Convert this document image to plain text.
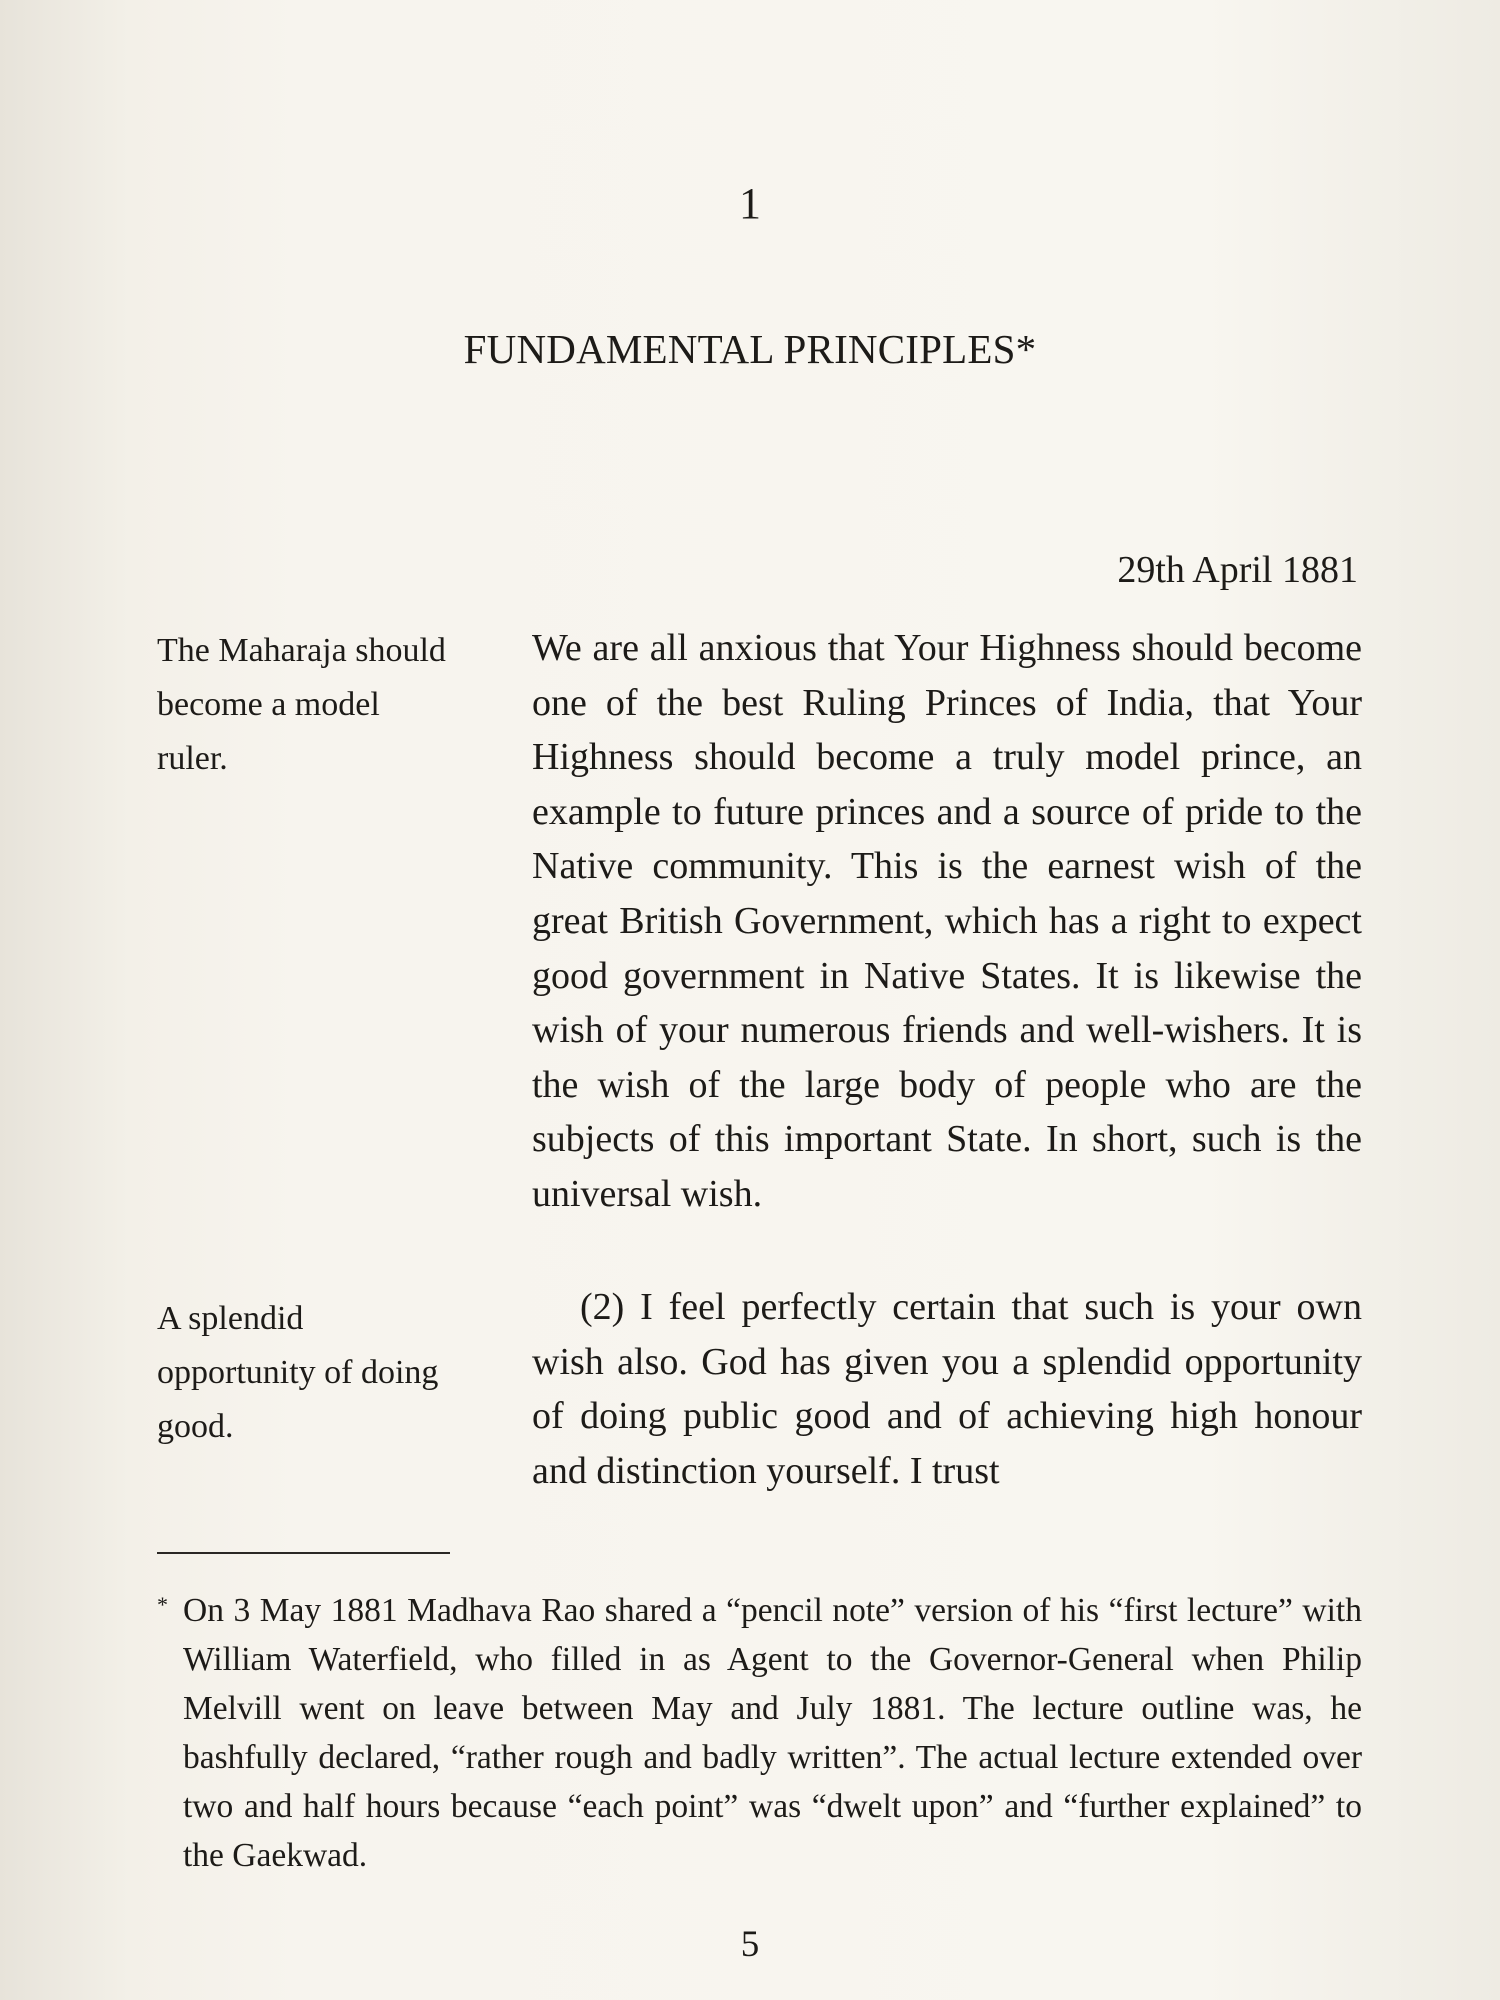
1
FUNDAMENTAL PRINCIPLES*
29th April 1881
The Maharaja should become a model ruler.
We are all anxious that Your Highness should become one of the best Ruling Princes of India, that Your Highness should become a truly model prince, an example to future princes and a source of pride to the Native community. This is the earnest wish of the great British Government, which has a right to expect good government in Native States. It is likewise the wish of your numerous friends and well-wishers. It is the wish of the large body of people who are the subjects of this important State. In short, such is the universal wish.
A splendid opportunity of doing good.
(2) I feel perfectly certain that such is your own wish also. God has given you a splendid opportunity of doing public good and of achieving high honour and distinction yourself. I trust
* On 3 May 1881 Madhava Rao shared a “pencil note” version of his “first lecture” with William Waterfield, who filled in as Agent to the Governor-General when Philip Melvill went on leave between May and July 1881. The lecture outline was, he bashfully declared, “rather rough and badly written”. The actual lecture extended over two and half hours because “each point” was “dwelt upon” and “further explained” to the Gaekwad.
5
